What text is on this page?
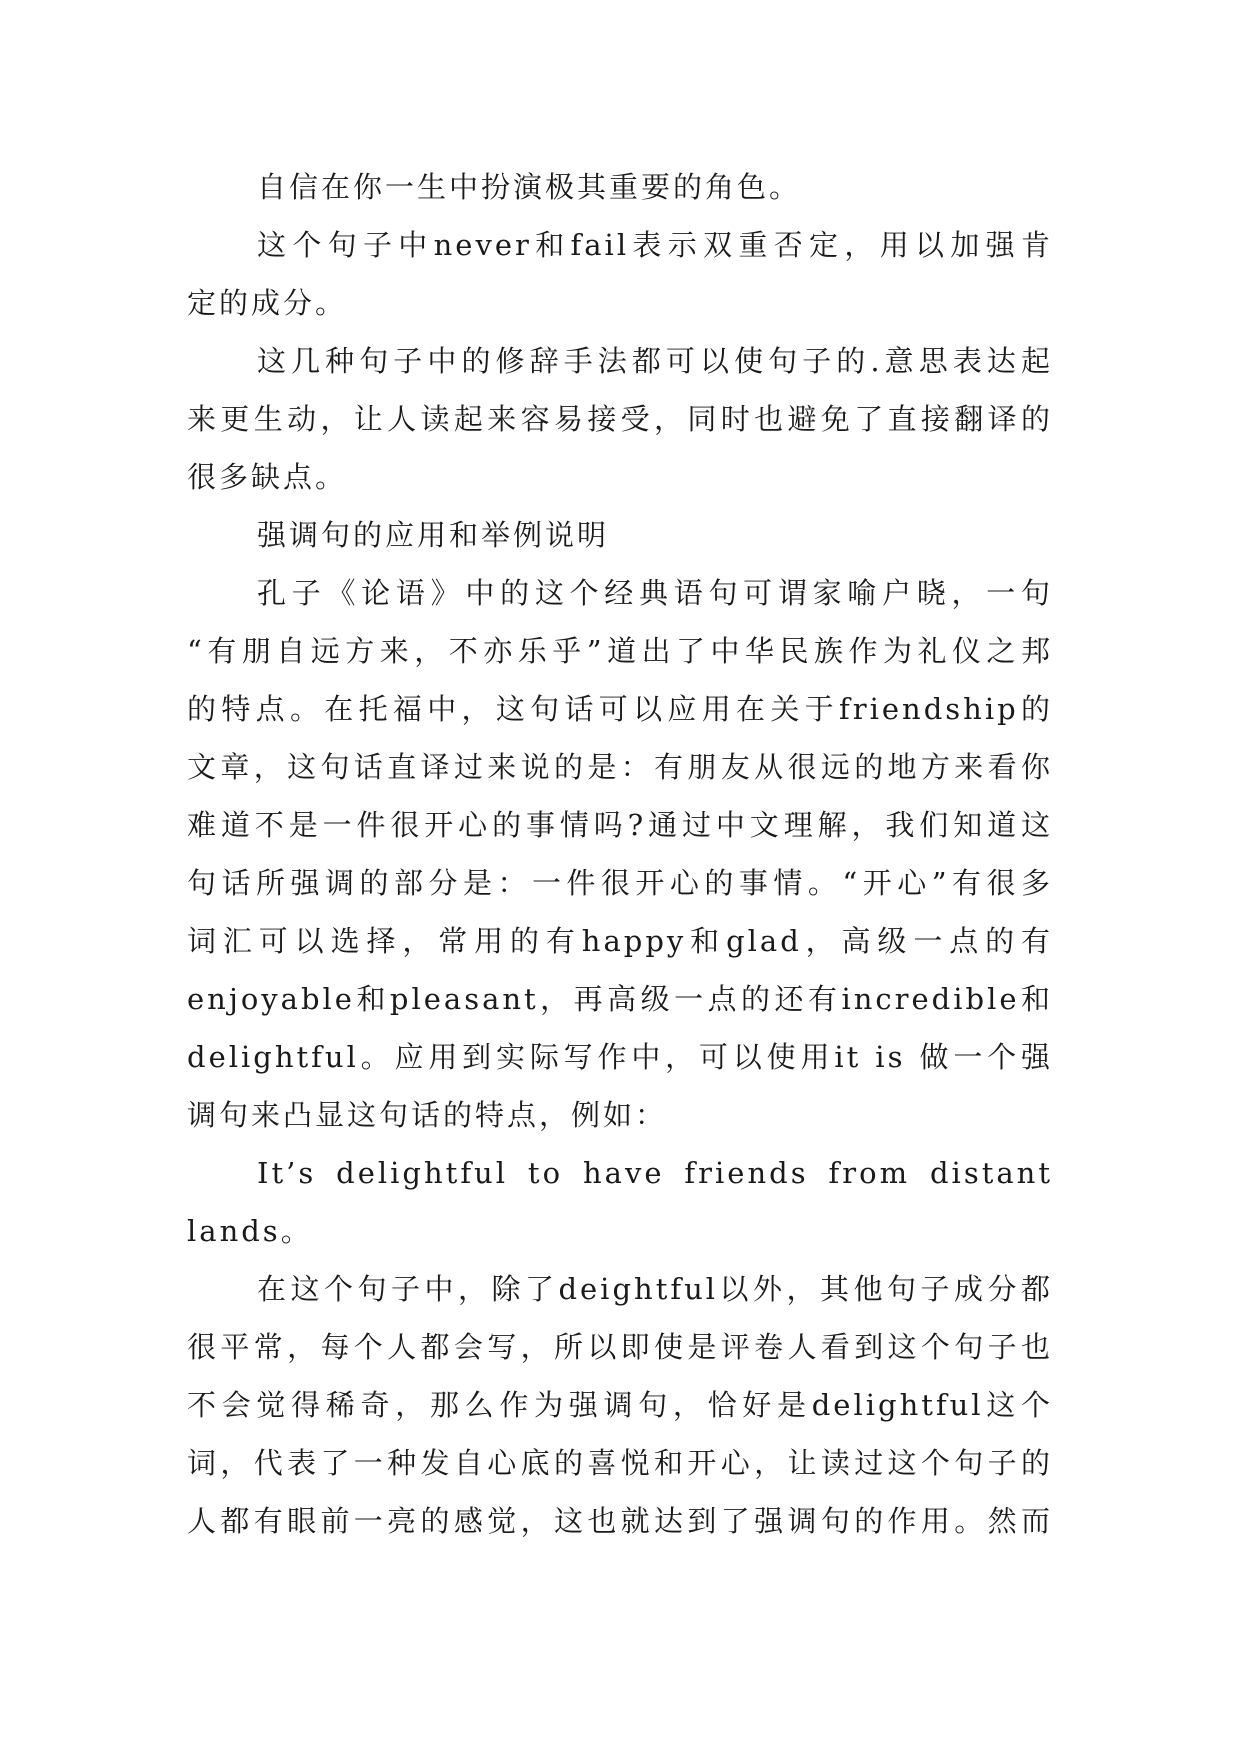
自信在你一生中扮演极其重要的角色。
这个句子中never和fail表示双重否定，用以加强肯
定的成分。
这几种句子中的修辞手法都可以使句子的.意思表达起
来更生动，让人读起来容易接受，同时也避免了直接翻译的
很多缺点。
强调句的应用和举例说明
孔子《论语》中的这个经典语句可谓家喻户晓，一句
“有朋自远方来，不亦乐乎”道出了中华民族作为礼仪之邦
的特点。在托福中，这句话可以应用在关于friendship的
文章，这句话直译过来说的是：有朋友从很远的地方来看你
难道不是一件很开心的事情吗?通过中文理解，我们知道这
句话所强调的部分是：一件很开心的事情。“开心”有很多
词汇可以选择，常用的有happy和glad，高级一点的有
enjoyable和pleasant，再高级一点的还有incredible和
delightful。应用到实际写作中，可以使用it is 做一个强
调句来凸显这句话的特点，例如：
It’s delightful to have friends from distant
lands。
在这个句子中，除了deightful以外，其他句子成分都
很平常，每个人都会写，所以即使是评卷人看到这个句子也
不会觉得稀奇，那么作为强调句，恰好是delightful这个
词，代表了一种发自心底的喜悦和开心，让读过这个句子的
人都有眼前一亮的感觉，这也就达到了强调句的作用。然而
